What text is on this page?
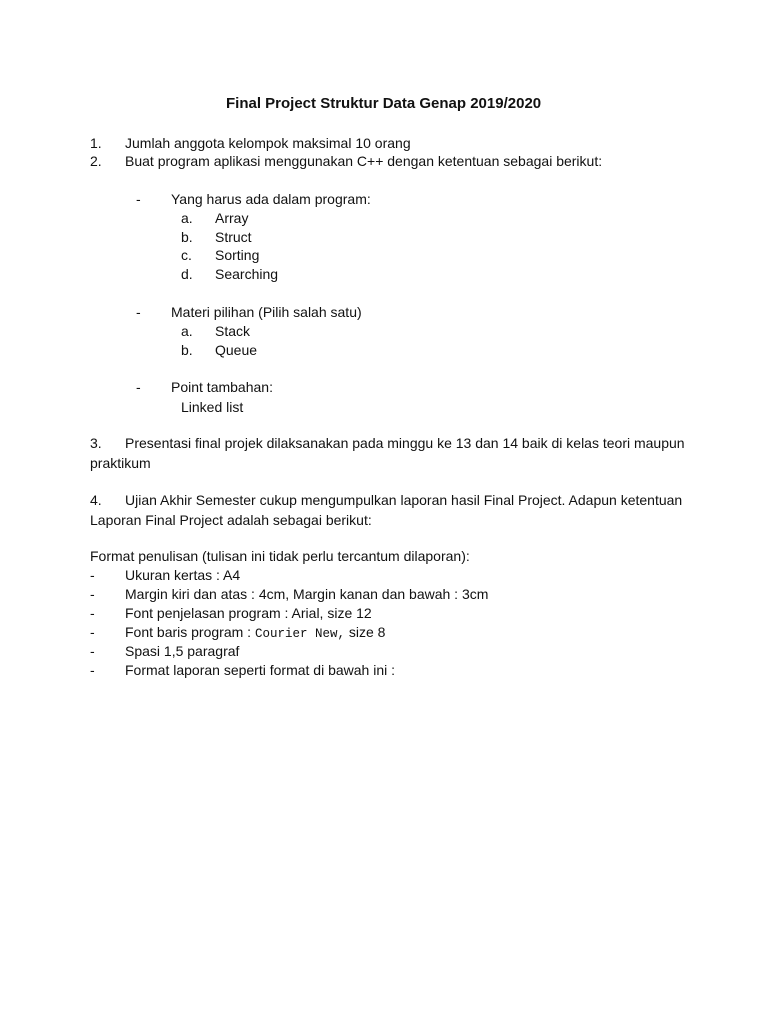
Final Project Struktur Data Genap 2019/2020
1. Jumlah anggota kelompok maksimal 10 orang
2. Buat program aplikasi menggunakan C++ dengan ketentuan sebagai berikut:
- Yang harus ada dalam program:
a. Array
b. Struct
c. Sorting
d. Searching
- Materi pilihan (Pilih salah satu)
a. Stack
b. Queue
- Point tambahan:
Linked list
3. Presentasi final projek dilaksanakan pada minggu ke 13 dan 14 baik di kelas teori maupun
praktikum
4. Ujian Akhir Semester cukup mengumpulkan laporan hasil Final Project. Adapun ketentuan
Laporan Final Project adalah sebagai berikut:
Format penulisan (tulisan ini tidak perlu tercantum dilaporan):
- Ukuran kertas : A4
- Margin kiri dan atas : 4cm, Margin kanan dan bawah : 3cm
- Font penjelasan program : Arial, size 12
- Font baris program : Courier New, size 8
- Spasi 1,5 paragraf
- Format laporan seperti format di bawah ini :
